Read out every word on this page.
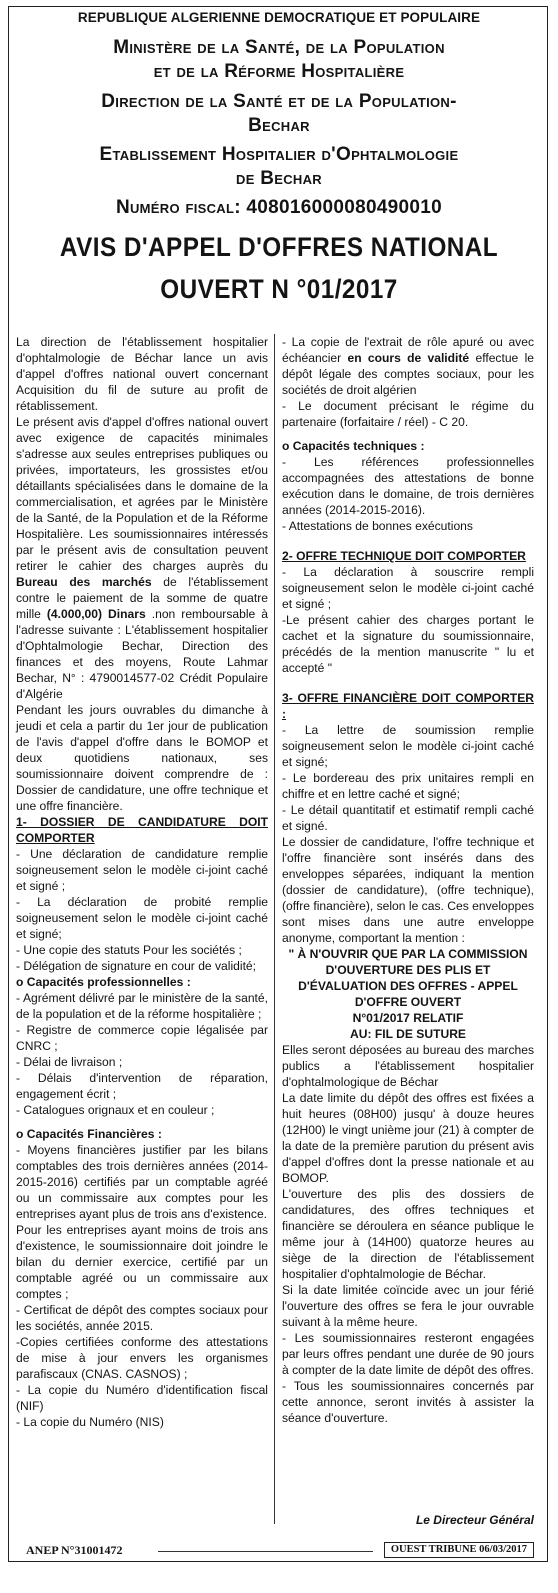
REPUBLIQUE ALGERIENNE DEMOCRATIQUE ET POPULAIRE
Ministère de la Santé, de la Population
et de la Réforme Hospitalière
Direction de la Santé et de la Population-
Bechar
Etablissement Hospitalier d'Ophtalmologie
de Bechar
Numéro fiscal: 408016000080490010
AVIS D'APPEL D'OFFRES NATIONAL
OUVERT N °01/2017

La direction de l'établissement hospitalier d'ophtalmologie de Béchar lance un avis d'appel d'offres national ouvert concernant Acquisition du fil de suture au profit de rétablissement.

Le présent avis d'appel d'offres national ouvert avec exigence de capacités minimales s'adresse aux seules entreprises publiques ou privées, importateurs, les grossistes et/ou détaillants spécialisées dans le domaine de la commercialisation, et agrées par le Ministère de la Santé, de la Population et de la Réforme Hospitalière. Les soumissionnaires intéressés par le présent avis de consultation peuvent retirer le cahier des charges auprès du Bureau des marchés de l'établissement contre le paiement de la somme de quatre mille (4.000,00) Dinars .non remboursable à l'adresse suivante : L'établissement hospitalier d'Ophtalmologie Bechar, Direction des finances et des moyens, Route Lahmar Bechar, N° : 4790014577-02 Crédit Populaire d'Algérie

Pendant les jours ouvrables du dimanche à jeudi et cela a partir du 1er jour de publication de l'avis d'appel d'offre dans le BOMOP et deux quotidiens nationaux, ses soumissionnaire doivent comprendre de : Dossier de candidature, une offre technique et une offre financière.

1- DOSSIER DE CANDIDATURE DOIT COMPORTER

- Une déclaration de candidature remplie soigneusement selon le modèle ci-joint caché et signé ;

- La déclaration de probité remplie soigneusement selon le modèle ci-joint caché et signé;

- Une copie des statuts Pour les sociétés ;

- Délégation de signature en cour de validité;

o Capacités professionnelles :

- Agrément délivré par le ministère de la santé, de la population et de la réforme hospitalière ;

- Registre de commerce copie légalisée par CNRC ;

- Délai de livraison ;

- Délais d'intervention de réparation, engagement écrit ;

- Catalogues orignaux et en couleur ;

o Capacités Financières :

- Moyens financières justifier par les bilans comptables des trois dernières années (2014-2015-2016) certifiés par un comptable agréé ou un commissaire aux comptes pour les entreprises ayant plus de trois ans d'existence.

Pour les entreprises ayant moins de trois ans d'existence, le soumissionnaire doit joindre le bilan du dernier exercice, certifié par un comptable agréé ou un commissaire aux comptes ;

- Certificat de dépôt des comptes sociaux pour les sociétés, année 2015.

-Copies certifiées conforme des attestations de mise à jour envers les organismes parafiscaux (CNAS. CASNOS) ;

- La copie du Numéro d'identification fiscal (NIF)

- La copie du Numéro (NIS)

- La copie de l'extrait de rôle apuré ou avec échéancier en cours de validité effectue le dépôt légale des comptes sociaux, pour les sociétés de droit algérien

- Le document précisant le régime du partenaire (forfaitaire / réel) - C 20.

o Capacités techniques :

- Les références professionnelles accompagnées des attestations de bonne exécution dans le domaine, de trois dernières années (2014-2015-2016).

- Attestations de bonnes exécutions

2- OFFRE TECHNIQUE DOIT COMPORTER

- La déclaration à souscrire rempli soigneusement selon le modèle ci-joint caché et signé ;

-Le présent cahier des charges portant le cachet et la signature du soumissionnaire, précédés de la mention manuscrite " lu et accepté "

3- OFFRE FINANCIÈRE DOIT COMPORTER :

- La lettre de soumission remplie soigneusement selon le modèle ci-joint caché et signé;

- Le bordereau des prix unitaires rempli en chiffre et en lettre caché et signé;

- Le détail quantitatif et estimatif rempli caché et signé.

Le dossier de candidature, l'offre technique et l'offre financière sont insérés dans des enveloppes séparées, indiquant la mention (dossier de candidature), (offre technique), (offre financière), selon le cas. Ces enveloppes sont mises dans une autre enveloppe anonyme, comportant la mention :

" À N'OUVRIR QUE PAR LA COMMISSION D'OUVERTURE DES PLIS ET D'ÉVALUATION DES OFFRES - APPEL D'OFFRE OUVERT

N°01/2017 RELATIF

AU: FIL DE SUTURE

Elles seront déposées au bureau des marches publics a l'établissement hospitalier d'ophtalmologique de Béchar

La date limite du dépôt des offres est fixées a huit heures (08H00) jusqu' à douze heures (12H00) le vingt unième jour (21) à compter de la date de la première parution du présent avis d'appel d'offres dont la presse nationale et au BOMOP.

L'ouverture des plis des dossiers de candidatures, des offres techniques et financière se déroulera en séance publique le même jour à (14H00) quatorze heures au siège de la direction de l'établissement hospitalier d'ophtalmologie de Béchar.

Si la date limitée coïncide avec un jour férié l'ouverture des offres se fera le jour ouvrable suivant à la même heure.

- Les soumissionnaires resteront engagées par leurs offres pendant une durée de 90 jours à compter de la date limite de dépôt des offres.

- Tous les soumissionnaires concernés par cette annonce, seront invités à assister la séance d'ouverture.

Le Directeur Général
ANEP N°31001472	OUEST TRIBUNE 06/03/2017
